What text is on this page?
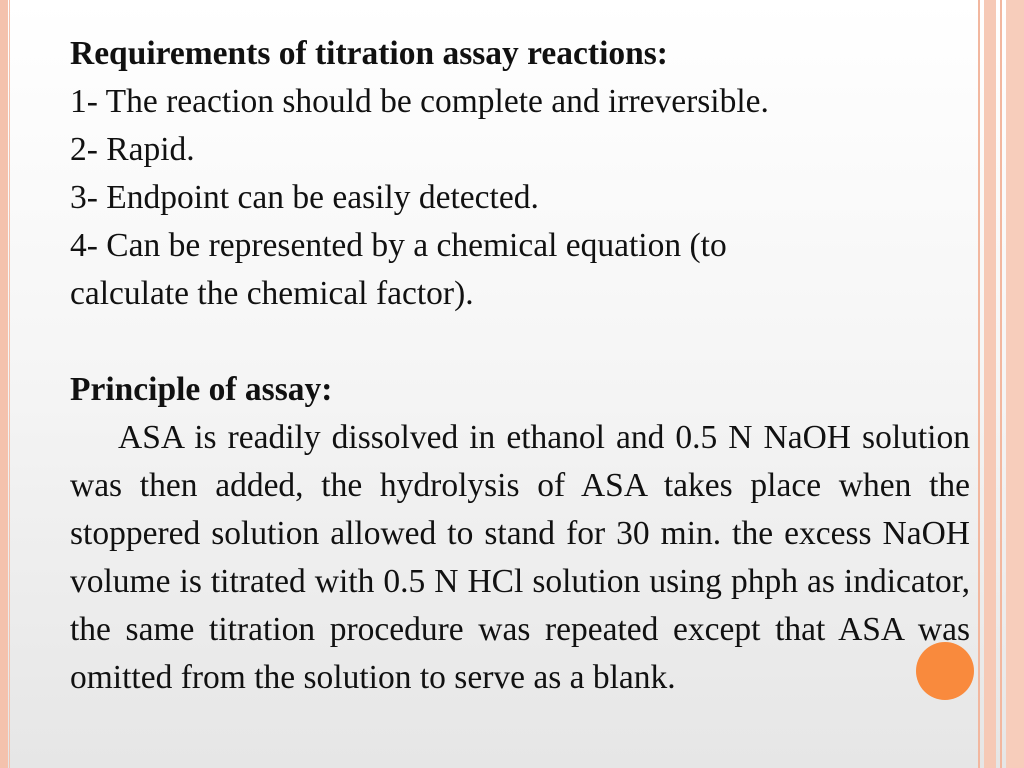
Requirements of titration assay reactions:

1- The reaction should be complete and irreversible.

2- Rapid.

3- Endpoint can be easily detected.

4- Can be represented by a chemical equation (to

calculate the chemical factor).

Principle of assay:

ASA is readily dissolved in ethanol and 0.5 N NaOH solution was then added, the hydrolysis of ASA takes place when the stoppered solution allowed to stand for 30 min. the excess NaOH volume is titrated with 0.5 N HCl solution using phph as indicator, the same titration procedure was repeated except that ASA was omitted from the solution to serve as a blank.
